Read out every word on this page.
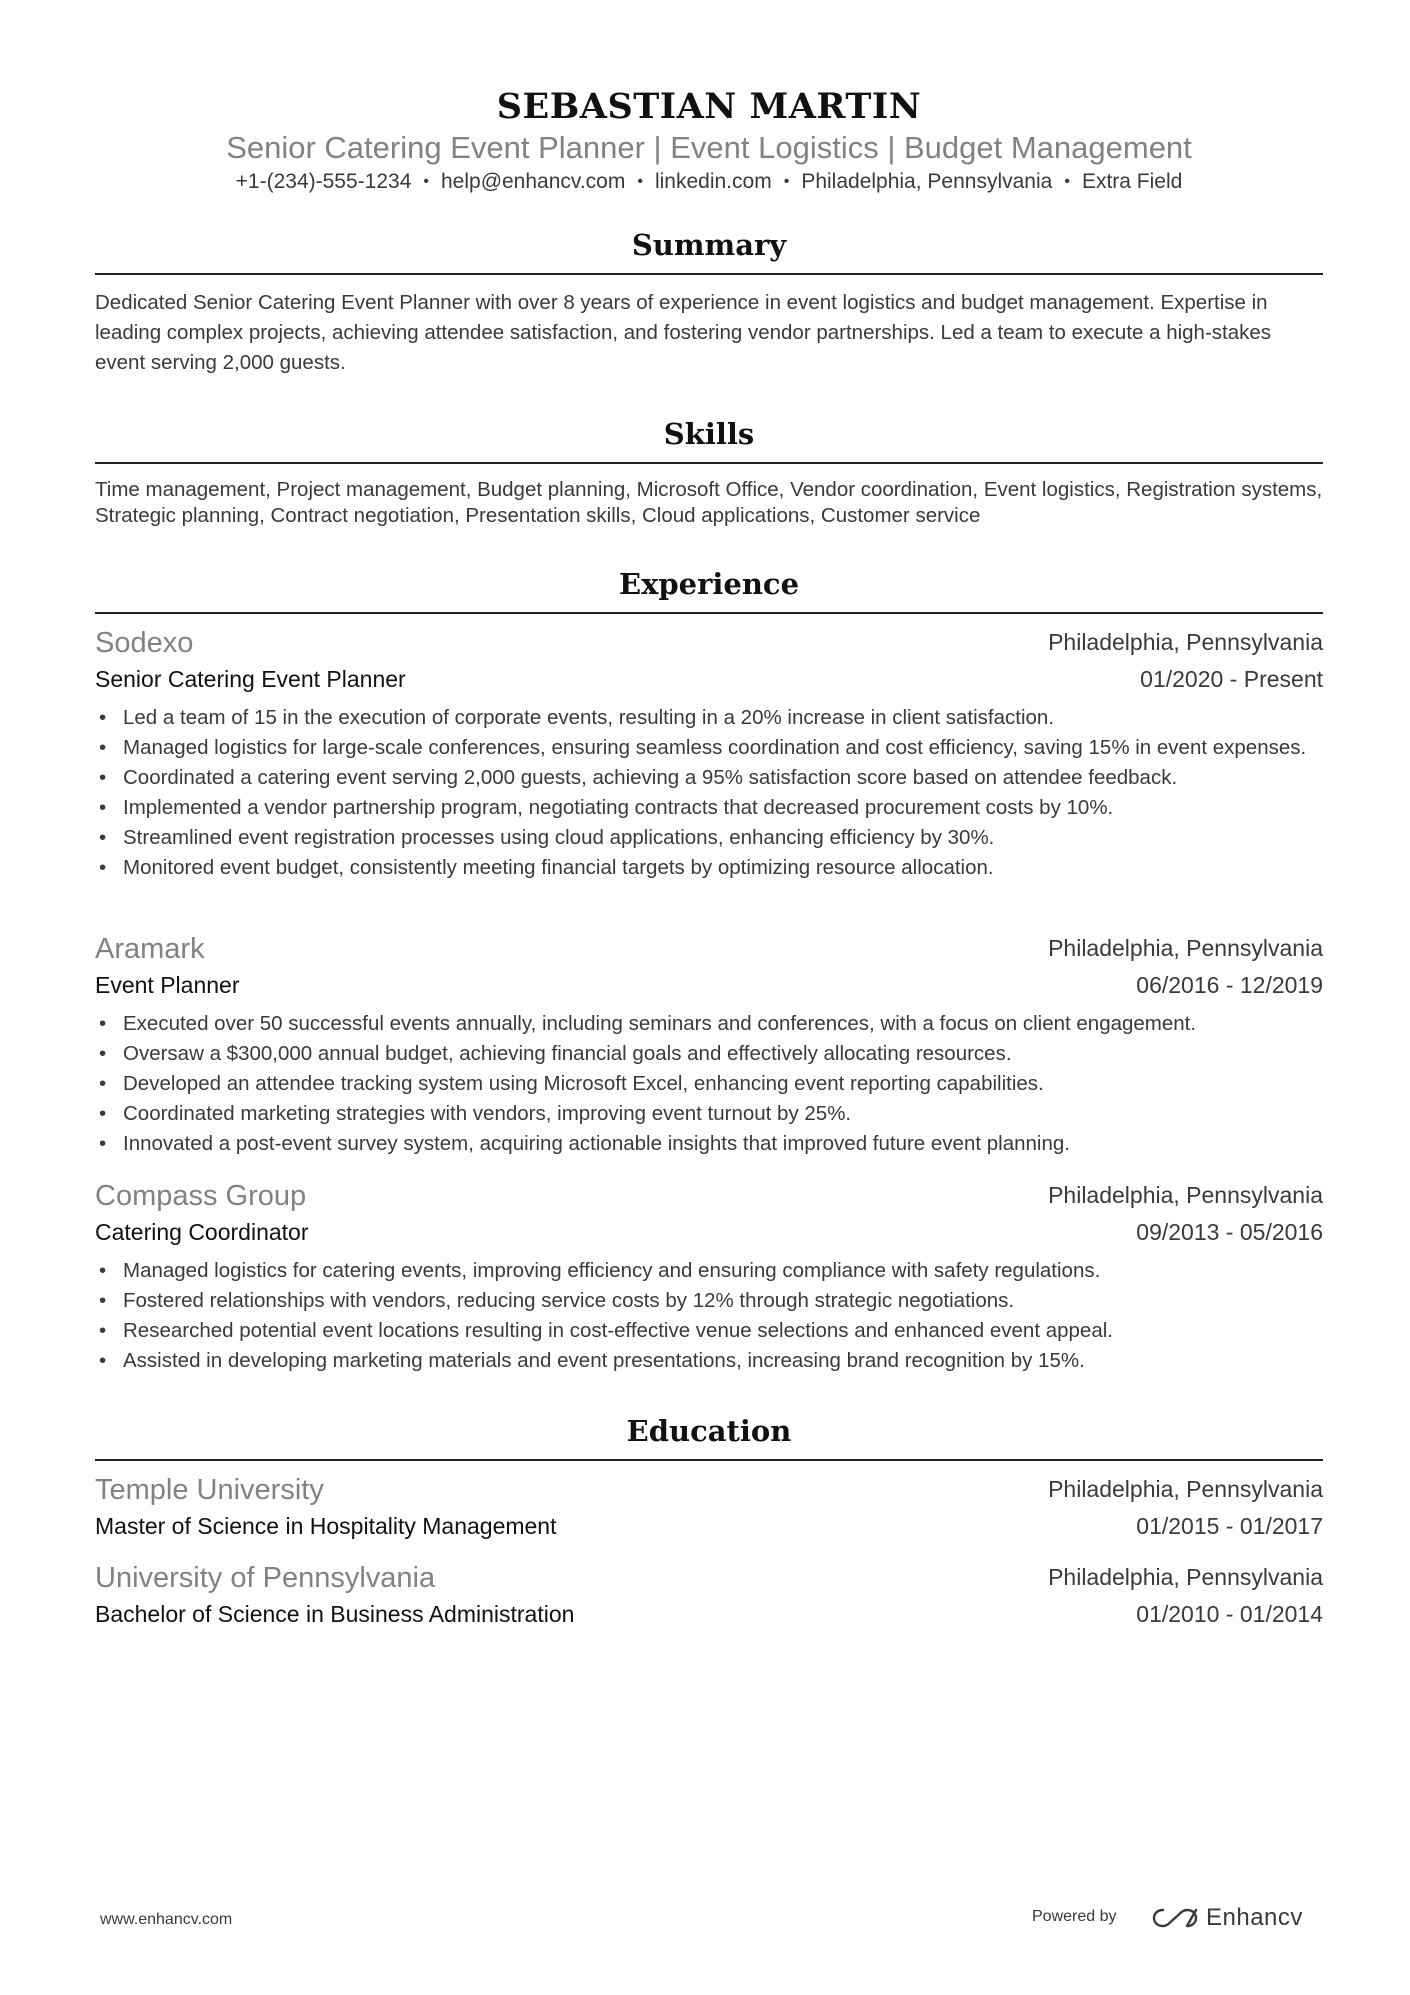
SEBASTIAN MARTIN
Senior Catering Event Planner | Event Logistics | Budget Management
+1-(234)-555-1234 • help@enhancv.com • linkedin.com • Philadelphia, Pennsylvania • Extra Field
Summary
Dedicated Senior Catering Event Planner with over 8 years of experience in event logistics and budget management. Expertise in leading complex projects, achieving attendee satisfaction, and fostering vendor partnerships. Led a team to execute a high-stakes event serving 2,000 guests.
Skills
Time management, Project management, Budget planning, Microsoft Office, Vendor coordination, Event logistics, Registration systems, Strategic planning, Contract negotiation, Presentation skills, Cloud applications, Customer service
Experience
Sodexo	Philadelphia, Pennsylvania
Senior Catering Event Planner	01/2020 - Present
• Led a team of 15 in the execution of corporate events, resulting in a 20% increase in client satisfaction.
• Managed logistics for large-scale conferences, ensuring seamless coordination and cost efficiency, saving 15% in event expenses.
• Coordinated a catering event serving 2,000 guests, achieving a 95% satisfaction score based on attendee feedback.
• Implemented a vendor partnership program, negotiating contracts that decreased procurement costs by 10%.
• Streamlined event registration processes using cloud applications, enhancing efficiency by 30%.
• Monitored event budget, consistently meeting financial targets by optimizing resource allocation.
Aramark	Philadelphia, Pennsylvania
Event Planner	06/2016 - 12/2019
• Executed over 50 successful events annually, including seminars and conferences, with a focus on client engagement.
• Oversaw a $300,000 annual budget, achieving financial goals and effectively allocating resources.
• Developed an attendee tracking system using Microsoft Excel, enhancing event reporting capabilities.
• Coordinated marketing strategies with vendors, improving event turnout by 25%.
• Innovated a post-event survey system, acquiring actionable insights that improved future event planning.
Compass Group	Philadelphia, Pennsylvania
Catering Coordinator	09/2013 - 05/2016
• Managed logistics for catering events, improving efficiency and ensuring compliance with safety regulations.
• Fostered relationships with vendors, reducing service costs by 12% through strategic negotiations.
• Researched potential event locations resulting in cost-effective venue selections and enhanced event appeal.
• Assisted in developing marketing materials and event presentations, increasing brand recognition by 15%.
Education
Temple University	Philadelphia, Pennsylvania
Master of Science in Hospitality Management	01/2015 - 01/2017
University of Pennsylvania	Philadelphia, Pennsylvania
Bachelor of Science in Business Administration	01/2010 - 01/2014
www.enhancv.com	Powered by	Enhancv
